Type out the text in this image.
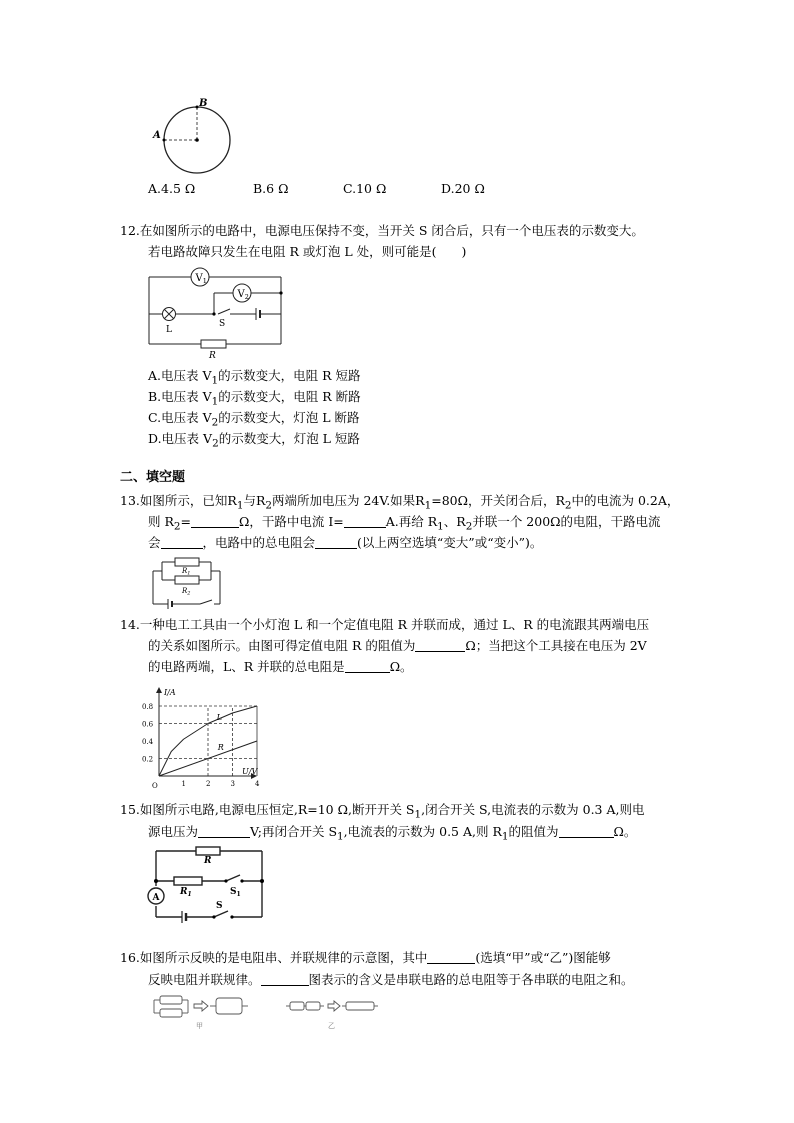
A
B
A.4.5 Ω	B.6 Ω	C.10 Ω	D.20 Ω
12.在如图所示的电路中，电源电压保持不变，当开关 S 闭合后，只有一个电压表的示数变大。
若电路故障只发生在电阻 R 或灯泡 L 处，则可能是(　　)
$V_1$
$V_2$
L
S
R
A.电压表 $V_1$的示数变大，电阻 R 短路
B.电压表 $V_1$的示数变大，电阻 R 断路
C.电压表 $V_2$的示数变大，灯泡 L 断路
D.电压表 $V_2$的示数变大，灯泡 L 短路
二、填空题
13.如图所示，已知$R_1$与$R_2$两端所加电压为 24V.如果$R_1=80\Omega$，开关闭合后，$R_2$中的电流为 0.2A，
则 $R_2=$	Ω，干路中电流 I=	A.再给 $R_1$、$R_2$并联一个 200Ω的电阻，干路电流
会	，电路中的总电阻会	(以上两空选填“变大”或“变小”)。
$R_1$
$R_2$
14.一种电工工具由一个小灯泡 L 和一个定值电阻 R 并联而成，通过 L、R 的电流跟其两端电压
的关系如图所示。由图可得定值电阻 R 的阻值为	Ω；当把这个工具接在电压为 2V
的电路两端，L、R 并联的总电阻是	Ω。
1	2	3	4
0.2
0.4
0.6
0.8
L
R
I/A
U/V
O
15.如图所示电路,电源电压恒定,R=10 Ω,断开开关 $S_1$,闭合开关 S,电流表的示数为 0.3 A,则电
源电压为	V;再闭合开关 $S_1$,电流表的示数为 0.5 A,则 $R_1$的阻值为	Ω。
A
R
$R_1$	$S_1$
S
16.如图所示反映的是电阻串、并联规律的示意图，其中	(选填“甲”或“乙”)图能够
反映电阻并联规律。	图表示的含义是串联电路的总电阻等于各串联的电阻之和。
甲	乙
